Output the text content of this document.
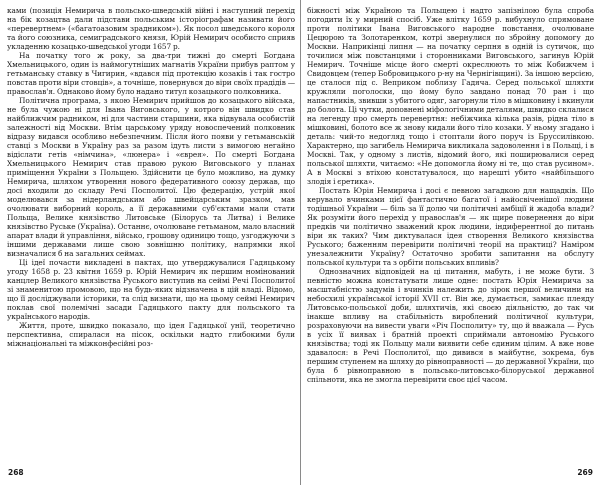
ками (позиція Немирича в польсько-шведській війні і наступний перехід на бік козацтва дали підстави польським історіографам називати його «перевертнем» («багатоазовим зрадником»). Як посол шведського короля та його союзника, семиградського князя, Юрій Немирич особисто сприяв укладенню козацько-шведської угоди 1657 р.

На початку того ж року, за два-три тижні до смерті Богдана Хмельницького, один із наймогутніших магнатів України прибув раптом у гетьманську ставку в Чигирин, «вдався під протекцію козаків і так гостро повстав проти віри стовців», а точніше, повернувся до віри своїх прадідів — православ'я. Однаково йому було надано титул козацького полковника.

Політична програма, з якою Немирич прийшов до козацького війська, не була чужою ні для Івана Виговського, у котрого він швидко став найближчим радником, ні для частини старшини, яка відвувала особистій залежності від Москви. Втім царському уряду новоспечений полковник відразу видався особливо небезпечним. Після його появи у гетьманській ставці з Москви в Україну раз за разом ідуть листи з вимогою негайно відіслати гетів «німчина», «люнера» і «єврея». По смерті Богдана Хмельницького Немирич став правою рукою Виговського у планах приміщення України з Польщею. Здійснити це було можливо, на думку Немирича, шляхом утворення нового федеративного союзу держав, що досі входили до складу Речі Посполитої. Цю федерацію, устрій якої моделювався за нідерландським або швейцарським зразком, мав очолювати виборний король, а її державними суб'єктами мали стати Польща, Велике князівство Литовське (Білорусь та Литва) і Велике князівство Руське (Україна). Останнє, очолюване гетьманом, мало власний апарат влади й управління, військо, грошову одиницю тощо, узгоджуючи з іншими державами лише свою зовнішню політику, напрямки якої визначалися б на загальних сеймах.

Ці ідеї почасти викладені в пактах, що утверджувалися Гадяцькому угоду 1658 р. 23 квітня 1659 р. Юрій Немирич як першим номінований канцлер Великого князівства Руського виступив на сеймі Речі Посполитої зі знаменитою промовою, що на будь-яких відзначена в цій владі. Відомо, що її досліджували історики, та слід визнати, що на цьому сеймі Немирич поклав свої полемічні засади Гадяцького пакту для польського та українського народів.

Життя, проте, швидко показало, що ідея Гадяцької унії, теоретично перспективна, спиралася на пісок, оскільки надто глибокими були міжнаціональні та міжконфесійні роз-

268

біжності між Україною та Польщею і надто запізнілою була спроба погодити їх у мирний спосіб. Уже влітку 1659 р. вибухнуло спрямоване проти політики Івана Виговського народне повстання, очолюване Цецюрою та Золотаренком, котрі звернулися по збройну допомогу до Москви. Наприкінці липня — на початку серпня в одній із сутичок, що точилися між повстанцями і сторонниками Виговського, загинув Юрій Немирич. Точніше місце його смерті окреслюють то між Кобижчем і Свидовцем (тепер Бобровицького р-ну на Чернігівщині). За іншою версією, це сталося під с. Веприком поблизу Гадяча. Серед польської шляхти кружляли поголоски, що йому було завдано понад 70 ран і що напастників, звивши з убитого одяг, загорнули тіло в мішковину і вкинули до болота. Ці чутки, доповнені міфологічними деталями, швидко склалися на легенду про смерть перевертня: небіжчика кілька разів, рідна тіло в мішковині, болото все ж знову кидали його тіло козаки. У ньому згадано і деталь: чий-то недогляд тощо і стоптали його поруч із Бруссилівкою. Характерно, що загибель Немирича викликала задоволення і в Польщі, і в Москві. Так, у одному з листів, відомий його, які поширювалися серед польської шляхти, читаємо: «Не допомогла йому ні те, що став русином». А в Москві з втіхою констатувалося, що нарешті убито «найбільшого злодія і єретика».

Постать Юрія Немирича і досі є певною загадкою для нащадків. Що керувало вчинками цієї фантастично багатої і найосвіченішої людини тодішньої України — бiль за її долю чи політичні амбіції й жадоба влади? Як розуміти його перехід у православ'я — як щире повернення до віри предків чи політично зважений крок людини, індиферентної до питань віри як таких? Чим диктувалася ідея створення Великого князівства Руського; баженням перевірити політичні теорії на практиці? Наміром унезалежнити Україну? Остаточно зробити запитання на обслугу польської культури та з орбіти польських впливів?

Однозначних відповідей на ці питання, мабуть, і не може бути. З певністю можна констатувати лише одне: постать Юрія Немирича за масштабністю задумів і вчинків належить до зірок першої величини на небосхилі української історії XVII ст. Він же, думається, замикає плеяду Литовсько-польської доби, шляхтичів, які своєю діяльністю, до так чи інакше впливу на стабільність вироблений політичної культури, розраховуючи на вивести уваги «Річ Посполиту» ту, що й вважала — Русь в усіх її виявах і братній проекті сприймали автономію Руського князівства; тоді як Польщу мали виявити себе єдиним цілим. А вже нове здавалося: в Речі Посполитої, що дивився в майбутнє, зокрема, був першим ступенем на шляху до рівноправності — до державної України, що була б рівноправною в польсько-литовсько-білоруської державної спільноти, яка не змогла перевірити своє цієї часом.

269
